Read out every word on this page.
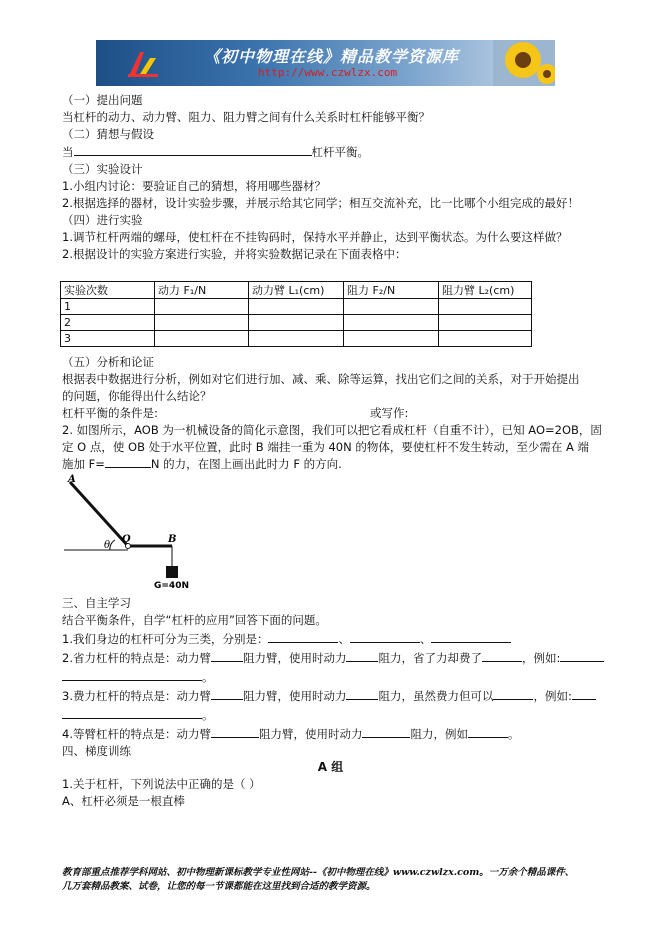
《初中物理在线》精品教学资源库
http://www.czwlzx.com
（一）提出问题
当杠杆的动力、动力臂、阻力、阻力臂之间有什么关系时杠杆能够平衡？
（二）猜想与假设
当	杠杆平衡。
（三）实验设计
1.小组内讨论：要验证自己的猜想，将用哪些器材？
2.根据选择的器材，设计实验步骤，并展示给其它同学；相互交流补充，比一比哪个小组完成的最好！
（四）进行实验
1.调节杠杆两端的螺母，使杠杆在不挂钩码时，保持水平并静止，达到平衡状态。为什么要这样做？
2.根据设计的实验方案进行实验，并将实验数据记录在下面表格中：
实验次数	动力 F₁/N	动力臂 L₁(cm)	阻力 F₂/N	阻力臂 L₂(cm)
1				
2				
3				
（五）分析和论证
根据表中数据进行分析，例如对它们进行加、减、乘、除等运算，找出它们之间的关系，对于开始提出
的问题，你能得出什么结论？
杠杆平衡的条件是:	或写作:
2. 如图所示，AOB 为一机械设备的简化示意图，我们可以把它看成杠杆（自重不计），已知 AO=2OB，固
定 O 点，使 OB 处于水平位置，此时 B 端挂一重为 40N 的物体，要使杠杆不发生转动，至少需在 A 端
施加 F=	N 的力，在图上画出此时力 F 的方向.
A
O	B
θ
G=40N
三、自主学习
结合平衡条件，自学“杠杆的应用”回答下面的问题。
1.我们身边的杠杆可分为三类，分别是：	、	、
2.省力杠杆的特点是：动力臂	阻力臂，使用时动力	阻力，省了力却费了	，例如:
。
3.费力杠杆的特点是：动力臂	阻力臂，使用时动力	阻力，虽然费力但可以	，例如:
。
4.等臂杠杆的特点是：动力臂	阻力臂，使用时动力	阻力，例如	。
四、梯度训练
A 组
1.关于杠杆，下列说法中正确的是（ ）
A、杠杆必须是一根直棒
教育部重点推荐学科网站、初中物理新课标教学专业性网站--《初中物理在线》www.czwlzx.com。一万余个精品课件、
几万套精品教案、试卷，让您的每一节课都能在这里找到合适的教学资源。
